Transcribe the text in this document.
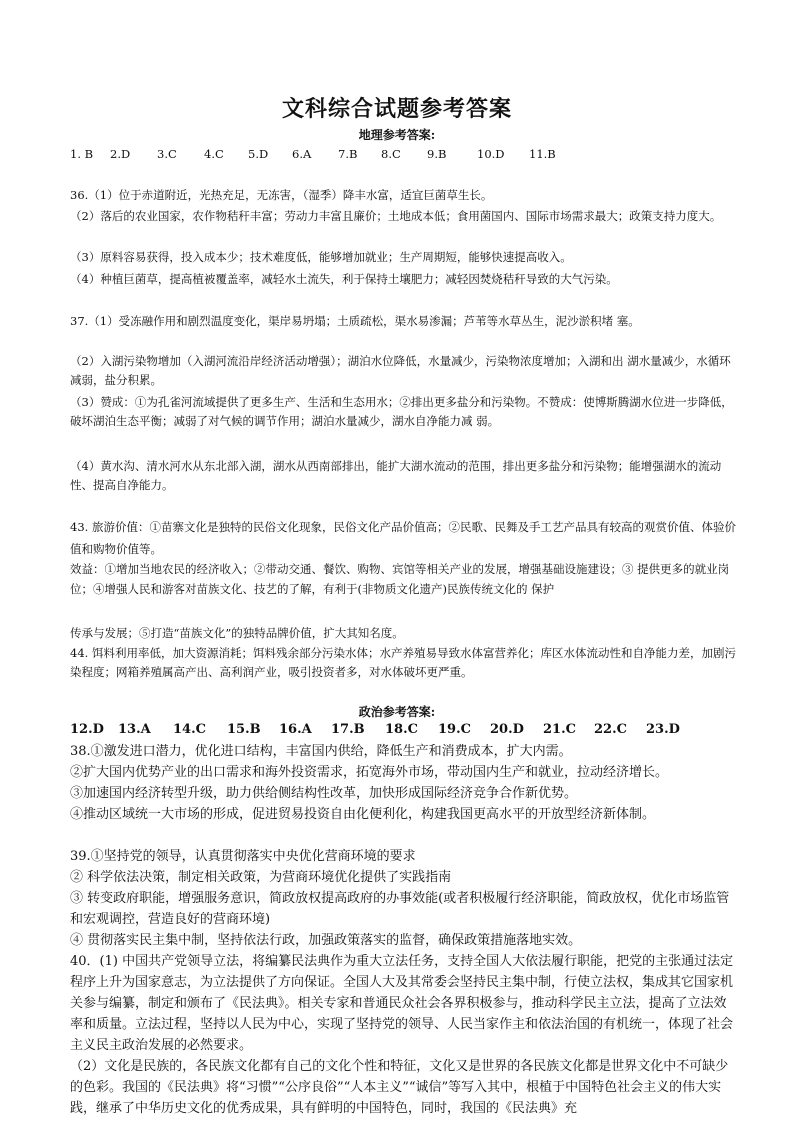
文科综合试题参考答案
地理参考答案:
1. B 2.D 3.C 4.C 5.D 6.A 7.B 8.C 9.B	10.D 11.B
36.（1）位于赤道附近，光热充足，无冻害，（湿季）降丰水富，适宜巨菌草生长。
（2）落后的农业国家，农作物秸秆丰富；劳动力丰富且廉价；土地成本低；食用菌国内、国际市场需求最大；政策支持力度大。
（3）原料容易获得，投入成本少；技术难度低，能够增加就业；生产周期短，能够快速提高收入。
（4）种植巨菌草，提高植被覆盖率，减轻水土流失，利于保持土壤肥力；减轻因焚烧秸秆导致的大气污染。
37.（1）受冻融作用和剧烈温度变化，渠岸易坍塌；土质疏松，渠水易渗漏；芦苇等水草丛生，泥沙淤积堵 塞。
（2）入湖污染物增加（入湖河流沿岸经济活动增强）；湖泊水位降低，水量减少，污染物浓度增加；入湖和出 湖水量减少，水循环减弱，盐分积累。
（3）赞成：①为孔雀河流域提供了更多生产、生活和生态用水；②排出更多盐分和污染物。不赞成：使博斯腾湖水位进一步降低，破坏湖泊生态平衡；减弱了对气候的调节作用；湖泊水量减少，湖水自净能力减 弱。
（4）黄水沟、清水河水从东北部入湖，湖水从西南部排出，能扩大湖水流动的范围，排出更多盐分和污染物；能增强湖水的流动性、提高自净能力。
43. 旅游价值：①苗寨文化是独特的民俗文化现象，民俗文化产品价值高；②民歌、民舞及手工艺产品具有较高的观赏价值、体验价值和购物价值等。
效益：①增加当地农民的经济收入；②带动交通、餐饮、购物、宾馆等相关产业的发展，增强基础设施建设；③ 提供更多的就业岗位；④增强人民和游客对苗族文化、技艺的了解，有利于(非物质文化遗产)民族传统文化的 保护
传承与发展；⑤打造“苗族文化”的独特品牌价值，扩大其知名度。
44. 饵料利用率低，加大资源消耗；饵料残余部分污染水体；水产养殖易导致水体富营养化；库区水体流动性和自净能力差，加剧污染程度；网箱养殖属高产出、高利润产业，吸引投资者多，对水体破坏更严重。
政治参考答案:
12.D 13.A 14.C 15.B 16.A 17.B 18.C 19.C 20.D 21.C 22.C 23.D
38.①激发进口潜力，优化进口结构，丰富国内供给，降低生产和消费成本，扩大内需。
②扩大国内优势产业的出口需求和海外投资需求，拓宽海外市场，带动国内生产和就业，拉动经济增长。
③加速国内经济转型升级，助力供给侧结构性改革，加快形成国际经济竞争合作新优势。
④推动区域统一大市场的形成，促进贸易投资自由化便利化，构建我国更高水平的开放型经济新体制。
39.①坚持党的领导，认真贯彻落实中央优化营商环境的要求
② 科学依法决策，制定相关政策，为营商环境优化提供了实践指南
③ 转变政府职能，增强服务意识，简政放权提高政府的办事效能(或者积极履行经济职能，简政放权，优化市场监管和宏观调控，营造良好的营商环境)
④ 贯彻落实民主集中制，坚持依法行政，加强政策落实的监督，确保政策措施落地实效。
40．(1) 中国共产党领导立法，将编纂民法典作为重大立法任务，支持全国人大依法履行职能，把党的主张通过法定程序上升为国家意志，为立法提供了方向保证。全国人大及其常委会坚持民主集中制，行使立法权，集成其它国家机关参与编纂，制定和颁布了《民法典》。相关专家和普通民众社会各界积极参与，推动科学民主立法，提高了立法效率和质量。立法过程，坚持以人民为中心，实现了坚持党的领导、人民当家作主和依法治国的有机统一，体现了社会主义民主政治发展的必然要求。
（2）文化是民族的，各民族文化都有自己的文化个性和特征，文化又是世界的各民族文化都是世界文化中不可缺少的色彩。我国的《民法典》将“习惯”“公序良俗”“人本主义”“诚信”等写入其中，根植于中国特色社会主义的伟大实践，继承了中华历史文化的优秀成果，具有鲜明的中国特色，同时，我国的《民法典》充
